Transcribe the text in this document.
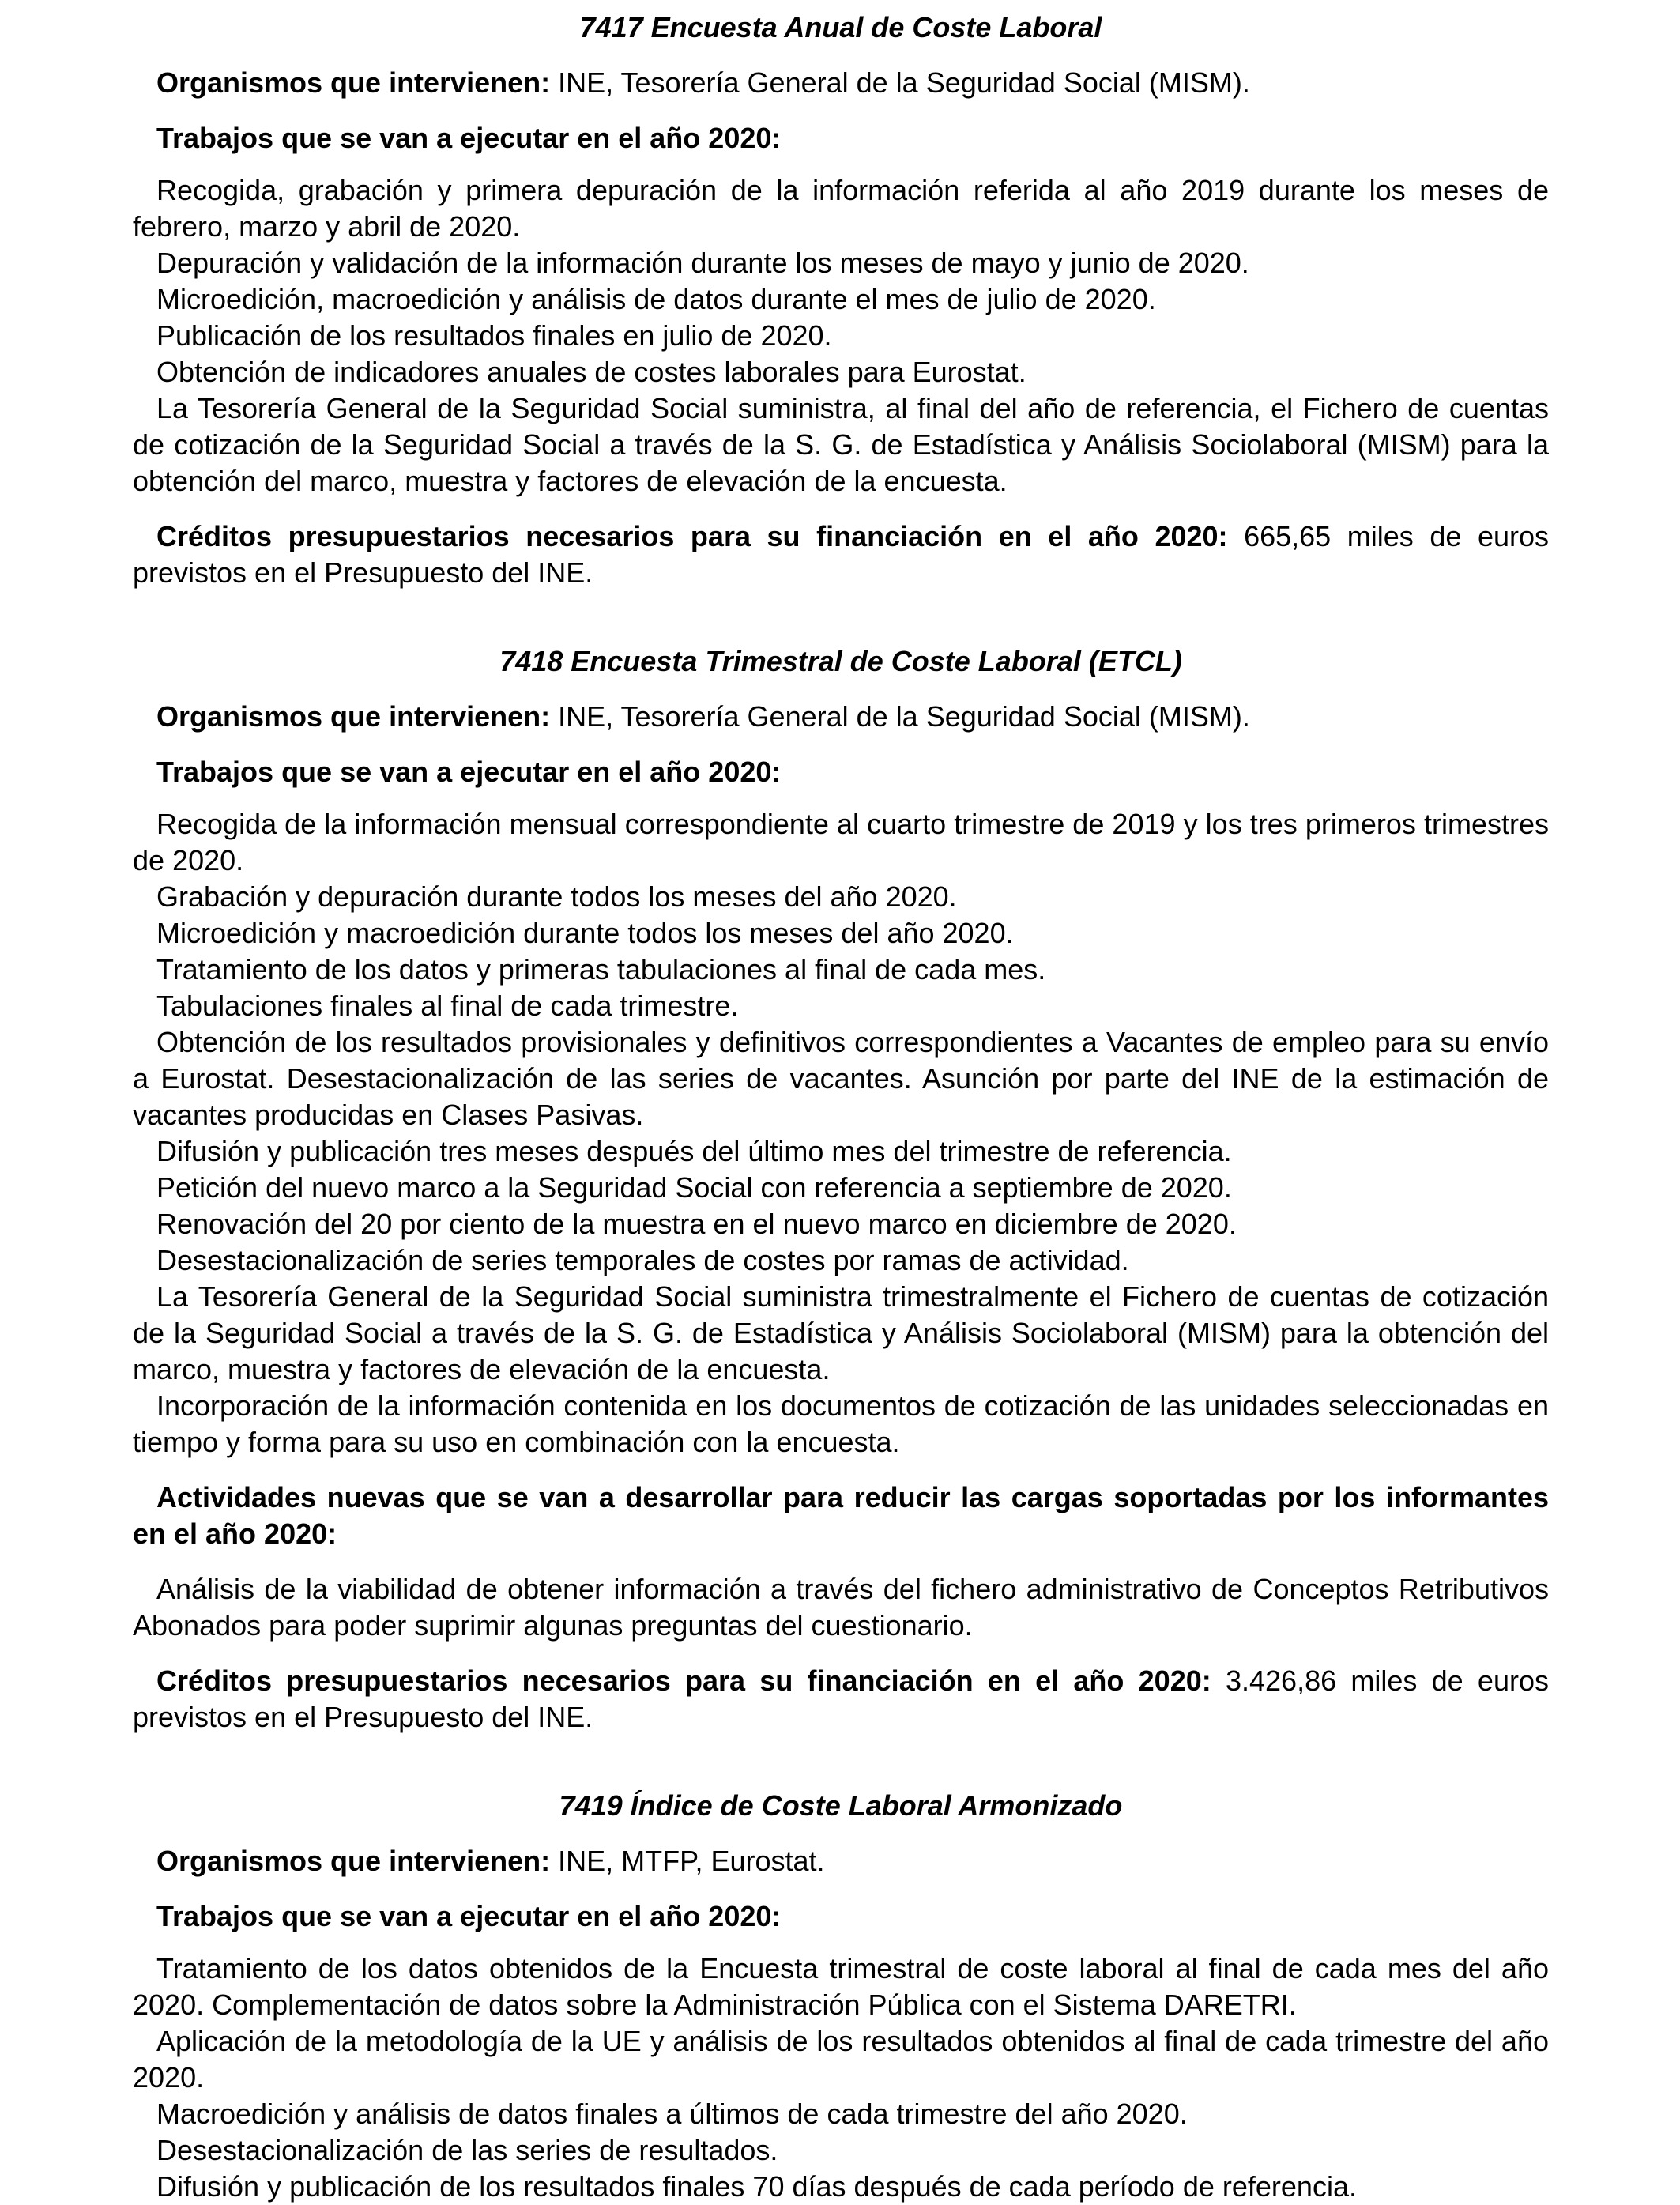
7417 Encuesta Anual de Coste Laboral

Organismos que intervienen: INE, Tesorería General de la Seguridad Social (MISM).

Trabajos que se van a ejecutar en el año 2020:

Recogida, grabación y primera depuración de la información referida al año 2019 durante los meses de febrero, marzo y abril de 2020.

Depuración y validación de la información durante los meses de mayo y junio de 2020.

Microedición, macroedición y análisis de datos durante el mes de julio de 2020.

Publicación de los resultados finales en julio de 2020.

Obtención de indicadores anuales de costes laborales para Eurostat.

La Tesorería General de la Seguridad Social suministra, al final del año de referencia, el Fichero de cuentas de cotización de la Seguridad Social a través de la S. G. de Estadística y Análisis Sociolaboral (MISM) para la obtención del marco, muestra y factores de elevación de la encuesta.

Créditos presupuestarios necesarios para su financiación en el año 2020: 665,65 miles de euros previstos en el Presupuesto del INE.

7418 Encuesta Trimestral de Coste Laboral (ETCL)

Organismos que intervienen: INE, Tesorería General de la Seguridad Social (MISM).

Trabajos que se van a ejecutar en el año 2020:

Recogida de la información mensual correspondiente al cuarto trimestre de 2019 y los tres primeros trimestres de 2020.

Grabación y depuración durante todos los meses del año 2020.

Microedición y macroedición durante todos los meses del año 2020.

Tratamiento de los datos y primeras tabulaciones al final de cada mes.

Tabulaciones finales al final de cada trimestre.

Obtención de los resultados provisionales y definitivos correspondientes a Vacantes de empleo para su envío a Eurostat. Desestacionalización de las series de vacantes. Asunción por parte del INE de la estimación de vacantes producidas en Clases Pasivas.

Difusión y publicación tres meses después del último mes del trimestre de referencia.

Petición del nuevo marco a la Seguridad Social con referencia a septiembre de 2020.

Renovación del 20 por ciento de la muestra en el nuevo marco en diciembre de 2020.

Desestacionalización de series temporales de costes por ramas de actividad.

La Tesorería General de la Seguridad Social suministra trimestralmente el Fichero de cuentas de cotización de la Seguridad Social a través de la S. G. de Estadística y Análisis Sociolaboral (MISM) para la obtención del marco, muestra y factores de elevación de la encuesta.

Incorporación de la información contenida en los documentos de cotización de las unidades seleccionadas en tiempo y forma para su uso en combinación con la encuesta.

Actividades nuevas que se van a desarrollar para reducir las cargas soportadas por los informantes en el año 2020:

Análisis de la viabilidad de obtener información a través del fichero administrativo de Conceptos Retributivos Abonados para poder suprimir algunas preguntas del cuestionario.

Créditos presupuestarios necesarios para su financiación en el año 2020: 3.426,86 miles de euros previstos en el Presupuesto del INE.

7419 Índice de Coste Laboral Armonizado

Organismos que intervienen: INE, MTFP, Eurostat.

Trabajos que se van a ejecutar en el año 2020:

Tratamiento de los datos obtenidos de la Encuesta trimestral de coste laboral al final de cada mes del año 2020. Complementación de datos sobre la Administración Pública con el Sistema DARETRI.

Aplicación de la metodología de la UE y análisis de los resultados obtenidos al final de cada trimestre del año 2020.

Macroedición y análisis de datos finales a últimos de cada trimestre del año 2020.

Desestacionalización de las series de resultados.

Difusión y publicación de los resultados finales 70 días después de cada período de referencia.
